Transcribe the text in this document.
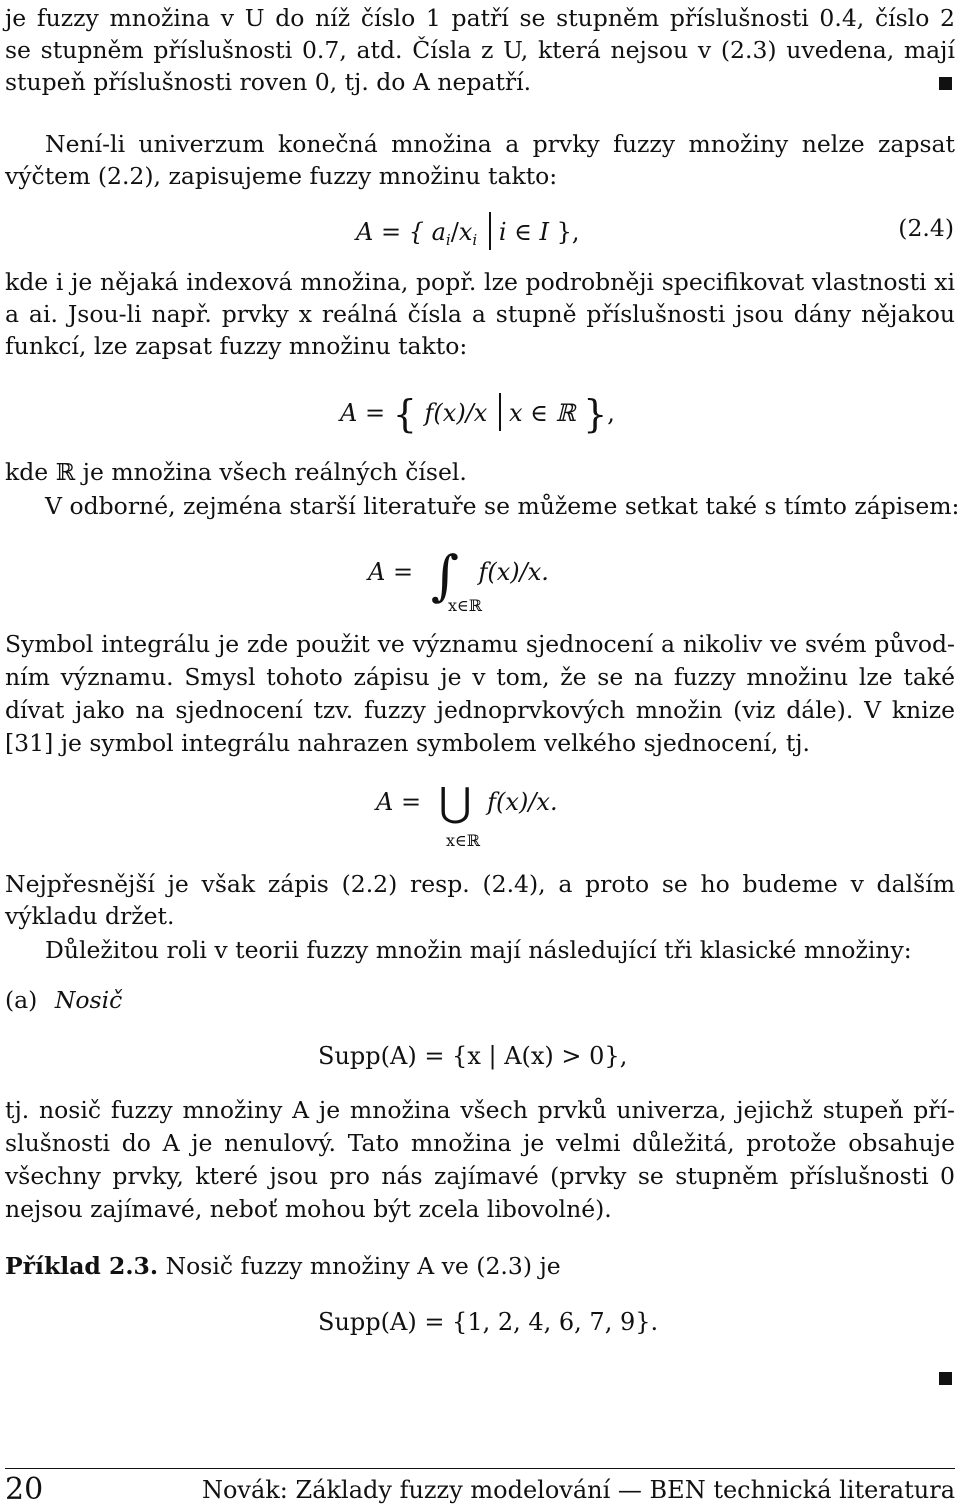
je fuzzy množina v U do níž číslo 1 patří se stupněm příslušnosti 0.4, číslo 2
se stupněm příslušnosti 0.7, atd. Čísla z U, která nejsou v (2.3) uvedena, mají
stupeň příslušnosti roven 0, tj. do A nepatří.
Není-li univerzum konečná množina a prvky fuzzy množiny nelze zapsat
výčtem (2.2), zapisujeme fuzzy množinu takto:
A = { $a_i/x_i$ i ∈ I },	(2.4)
kde i je nějaká indexová množina, popř. lze podrobněji specifikovat vlastnosti xi
a ai. Jsou-li např. prvky x reálná čísla a stupně příslušnosti jsou dány nějakou
funkcí, lze zapsat fuzzy množinu takto:
A = { f(x)/x x ∈ ℝ },
kde ℝ je množina všech reálných čísel.
V odborné, zejména starší literatuře se můžeme setkat také s tímto zápisem:
A = ∫ f(x)/x.
x∈ℝ
Symbol integrálu je zde použit ve významu sjednocení a nikoliv ve svém původ-
ním významu. Smysl tohoto zápisu je v tom, že se na fuzzy množinu lze také
dívat jako na sjednocení tzv. fuzzy jednoprvkových množin (viz dále). V knize
[31] je symbol integrálu nahrazen symbolem velkého sjednocení, tj.
A = ⋃ f(x)/x.
x∈ℝ
Nejpřesnější je však zápis (2.2) resp. (2.4), a proto se ho budeme v dalším
výkladu držet.
Důležitou roli v teorii fuzzy množin mají následující tři klasické množiny:
(a) Nosič
Supp(A) = {x | A(x) > 0},
tj. nosič fuzzy množiny A je množina všech prvků univerza, jejichž stupeň pří-
slušnosti do A je nenulový. Tato množina je velmi důležitá, protože obsahuje
všechny prvky, které jsou pro nás zajímavé (prvky se stupněm příslušnosti 0
nejsou zajímavé, neboť mohou být zcela libovolné).
Příklad 2.3. Nosič fuzzy množiny A ve (2.3) je
Supp(A) = {1, 2, 4, 6, 7, 9}.
20	Novák: Základy fuzzy modelování — BEN technická literatura
